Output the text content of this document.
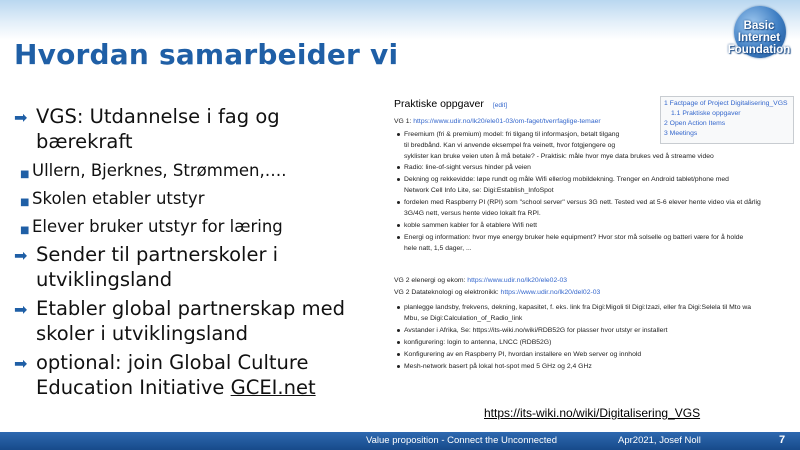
Hvordan samarbeider vi
Basic
Internet
Foundation
➡ VGS: Utdannelse i fag og
bærekraft
■ Ullern, Bjerknes, Strømmen,….
■ Skolen etabler utstyr
■ Elever bruker utstyr for læring
➡ Sender til partnerskoler i
utviklingsland
➡ Etabler global partnerskap med
skoler i utviklingsland
➡ optional: join Global Culture
Education Initiative GCEI.net
Praktiske oppgaver [edit]
VG 1: https://www.udir.no/lk20/ele01-03/om-faget/tverrfaglige-temaer
Freemium (fri & premium) model: fri tilgang til informasjon, betalt tilgang
til bredbånd. Kan vi anvende eksempel fra veinett, hvor fotgjengere og
syklister kan bruke veien uten å må betale? - Praktisk: måle hvor mye data brukes ved å streame video
Radio: line-of-sight versus hinder på veien
Dekning og rekkevidde: løpe rundt og måle Wifi eller/og mobildekning. Trenger en Android tablet/phone med
Network Cell Info Lite, se: Digi:Establish_InfoSpot
fordelen med Raspberry PI (RPI) som "school server" versus 3G nett. Tested ved at 5-6 elever hente video via et dårlig
3G/4G nett, versus hente video lokalt fra RPI.
koble sammen kabler for å etablere Wifi nett
Energi og information: hvor mye energy bruker hele equipment? Hvor stor må solselle og batteri være for å holde
hele natt, 1,5 dager, ...
VG 2 elenergi og ekom: https://www.udir.no/lk20/ele02-03
VG 2 Datateknologi og elektronikk: https://www.udir.no/lk20/del02-03
planlegge landsby, frekvens, dekning, kapasitet, f. eks. link fra Digi:Migoli til Digi:Izazi, eller fra Digi:Selela til Mto wa
Mbu, se Digi:Calculation_of_Radio_link
Avstander i Afrika, Se: https://its-wiki.no/wiki/RDB52G for plasser hvor utstyr er installert
konfigurering: login to antenna, LNCC (RDB52G)
Konfigurering av en Raspberry PI, hvordan installere en Web server og innhold
Mesh-network basert på lokal hot-spot med 5 GHz og 2,4 GHz
1 Factpage of Project Digitalisering_VGS
1.1 Praktiske oppgaver
2 Open Action Items
3 Meetings
https://its-wiki.no/wiki/Digitalisering_VGS
Value proposition - Connect the Unconnected	Apr2021, Josef Noll	7
